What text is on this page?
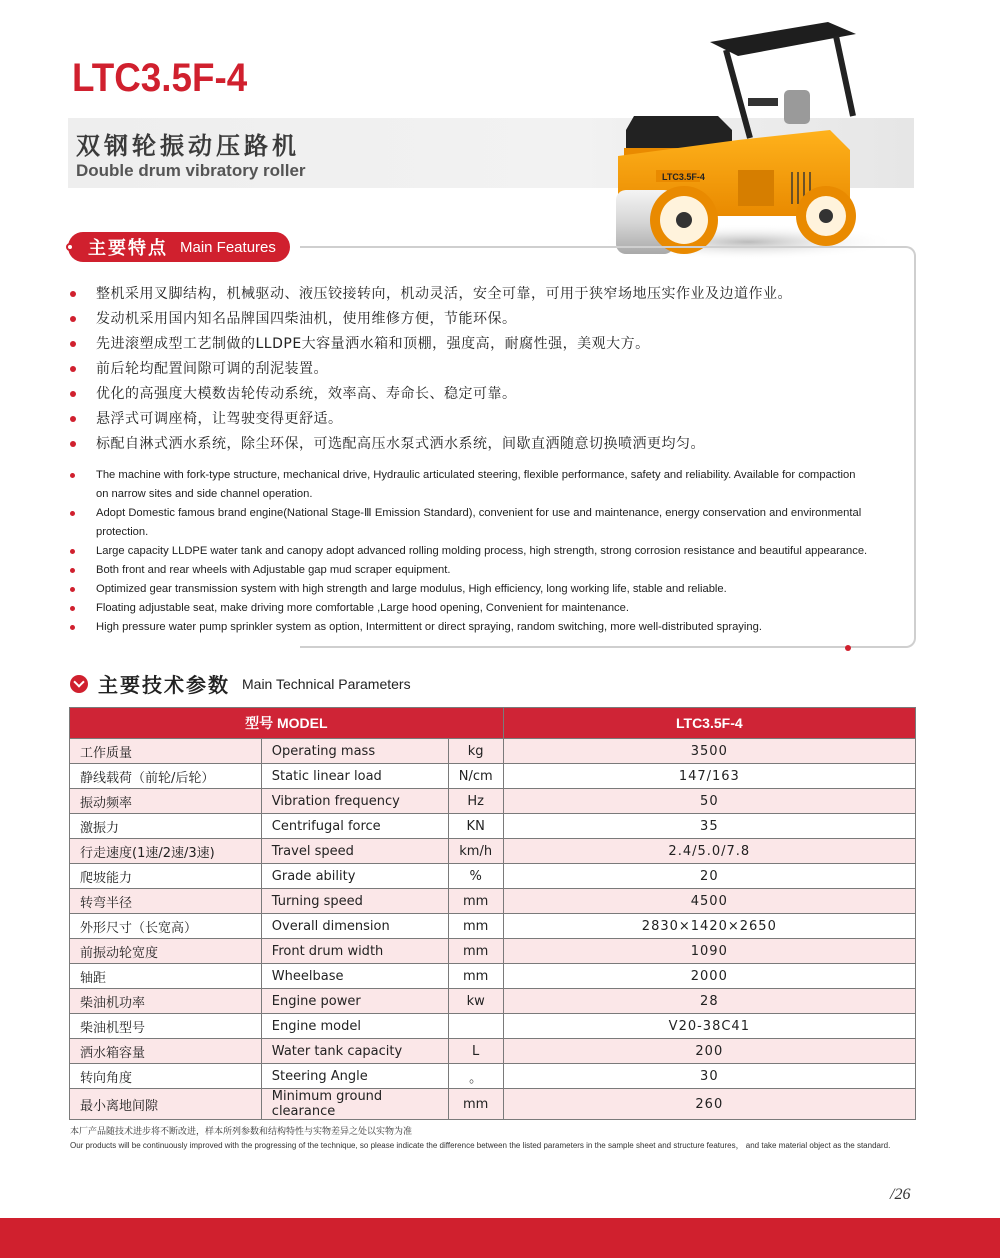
LTC3.5F-4
双钢轮振动压路机
Double drum vibratory roller	LTC3.5F-4
主要特点 Main Features
整机采用叉脚结构，机械驱动、液压铰接转向，机动灵活，安全可靠，可用于狭窄场地压实作业及边道作业。
发动机采用国内知名品牌国四柴油机，使用维修方便，节能环保。
先进滚塑成型工艺制做的LLDPE大容量洒水箱和顶棚，强度高，耐腐性强，美观大方。
前后轮均配置间隙可调的刮泥装置。
优化的高强度大模数齿轮传动系统，效率高、寿命长、稳定可靠。
悬浮式可调座椅，让驾驶变得更舒适。
标配自淋式洒水系统，除尘环保，可选配高压水泵式洒水系统，间歇直洒随意切换喷洒更均匀。
The machine with fork-type structure, mechanical drive, Hydraulic articulated steering, flexible performance, safety and reliability. Available for compaction on narrow sites and side channel operation.
Adopt Domestic famous brand engine(National Stage-Ⅲ Emission Standard), convenient for use and maintenance, energy conservation and environmental protection.
Large capacity LLDPE water tank and canopy adopt advanced rolling molding process, high strength, strong corrosion resistance and beautiful appearance.
Both front and rear wheels with Adjustable gap mud scraper equipment.
Optimized gear transmission system with high strength and large modulus, High efficiency, long working life, stable and reliable.
Floating adjustable seat, make driving more comfortable ,Large hood opening, Convenient for maintenance.
High pressure water pump sprinkler system as option, Intermittent or direct spraying, random switching, more well-distributed spraying.
主要技术参数 Main Technical Parameters
型号 MODEL			LTC3.5F-4
工作质量	Operating mass	kg	3500
静线载荷（前轮/后轮）	Static linear load	N/cm	147/163
振动频率	Vibration frequency	Hz	50
激振力	Centrifugal force	KN	35
行走速度(1速/2速/3速)	Travel speed	km/h	2.4/5.0/7.8
爬坡能力	Grade ability	%	20
转弯半径	Turning speed	mm	4500
外形尺寸（长宽高）	Overall dimension	mm	2830×1420×2650
前振动轮宽度	Front drum width	mm	1090
轴距	Wheelbase	mm	2000
柴油机功率	Engine power	kw	28
柴油机型号	Engine model		V20-38C41
洒水箱容量	Water tank capacity	L	200
转向角度	Steering Angle	。	30
最小离地间隙	Minimum ground clearance	mm	260
本厂产品随技术进步将不断改进，样本所列参数和结构特性与实物差异之处以实物为准
Our products will be continuously improved with the progressing of the technique, so please indicate the difference between the listed parameters in the sample sheet and structure features， and take material object as the standard.
/26
